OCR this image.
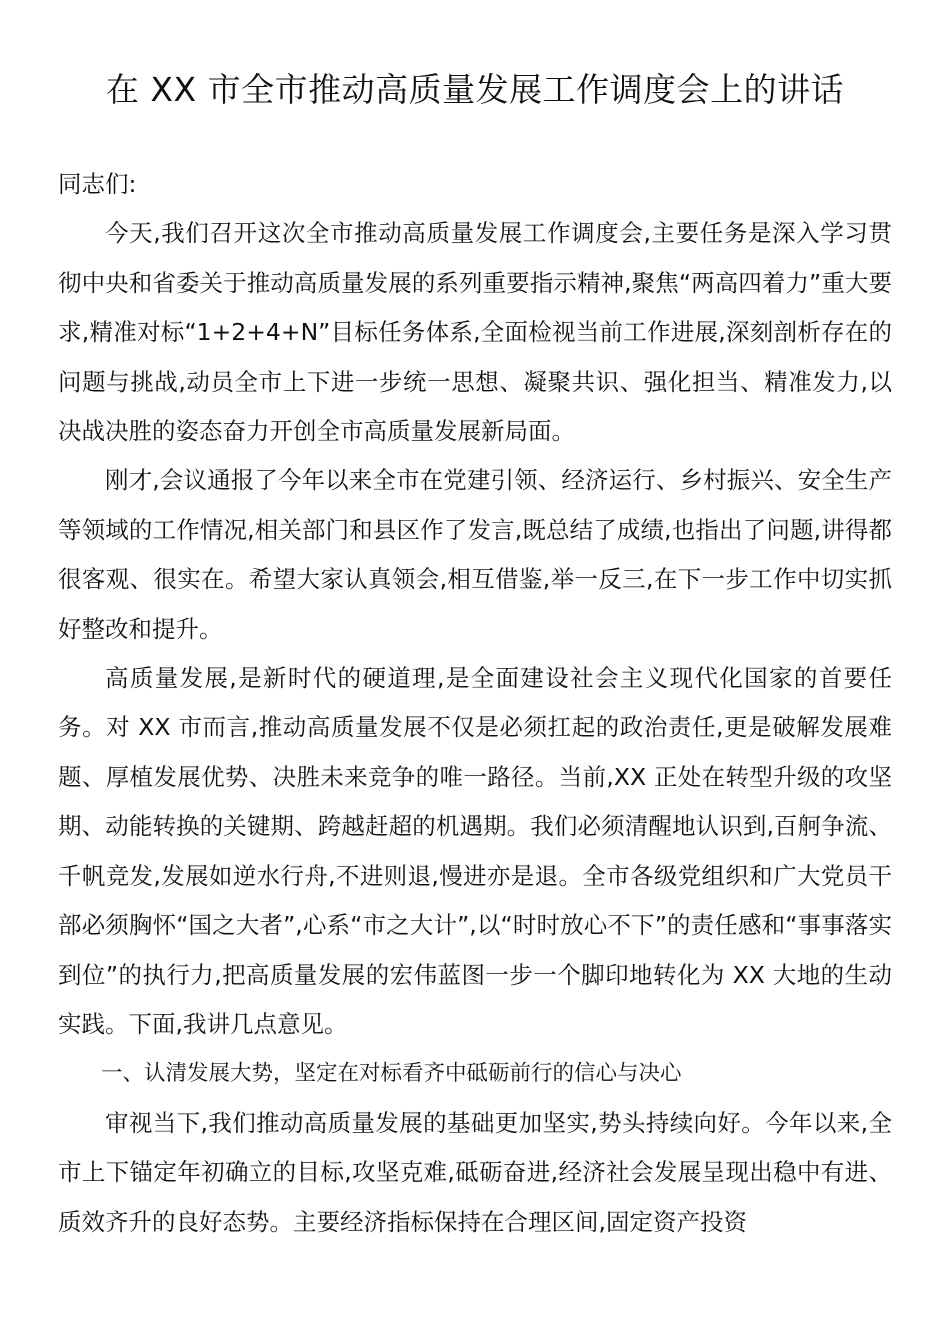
在 XX 市全市推动高质量发展工作调度会上的讲话

同志们:

今天,我们召开这次全市推动高质量发展工作调度会,主要任务是深入学习贯彻中央和省委关于推动高质量发展的系列重要指示精神,聚焦“两高四着力”重大要求,精准对标“1+2+4+N”目标任务体系,全面检视当前工作进展,深刻剖析存在的问题与挑战,动员全市上下进一步统一思想、凝聚共识、强化担当、精准发力,以决战决胜的姿态奋力开创全市高质量发展新局面。

刚才,会议通报了今年以来全市在党建引领、经济运行、乡村振兴、安全生产等领域的工作情况,相关部门和县区作了发言,既总结了成绩,也指出了问题,讲得都很客观、很实在。希望大家认真领会,相互借鉴,举一反三,在下一步工作中切实抓好整改和提升。

高质量发展,是新时代的硬道理,是全面建设社会主义现代化国家的首要任务。对 XX 市而言,推动高质量发展不仅是必须扛起的政治责任,更是破解发展难题、厚植发展优势、决胜未来竞争的唯一路径。当前,XX 正处在转型升级的攻坚期、动能转换的关键期、跨越赶超的机遇期。我们必须清醒地认识到,百舸争流、千帆竞发,发展如逆水行舟,不进则退,慢进亦是退。全市各级党组织和广大党员干部必须胸怀“国之大者”,心系“市之大计”,以“时时放心不下”的责任感和“事事落实到位”的执行力,把高质量发展的宏伟蓝图一步一个脚印地转化为 XX 大地的生动实践。下面,我讲几点意见。

一、认清发展大势，坚定在对标看齐中砥砺前行的信心与决心

审视当下,我们推动高质量发展的基础更加坚实,势头持续向好。今年以来,全市上下锚定年初确立的目标,攻坚克难,砥砺奋进,经济社会发展呈现出稳中有进、质效齐升的良好态势。主要经济指标保持在合理区间,固定资产投资
